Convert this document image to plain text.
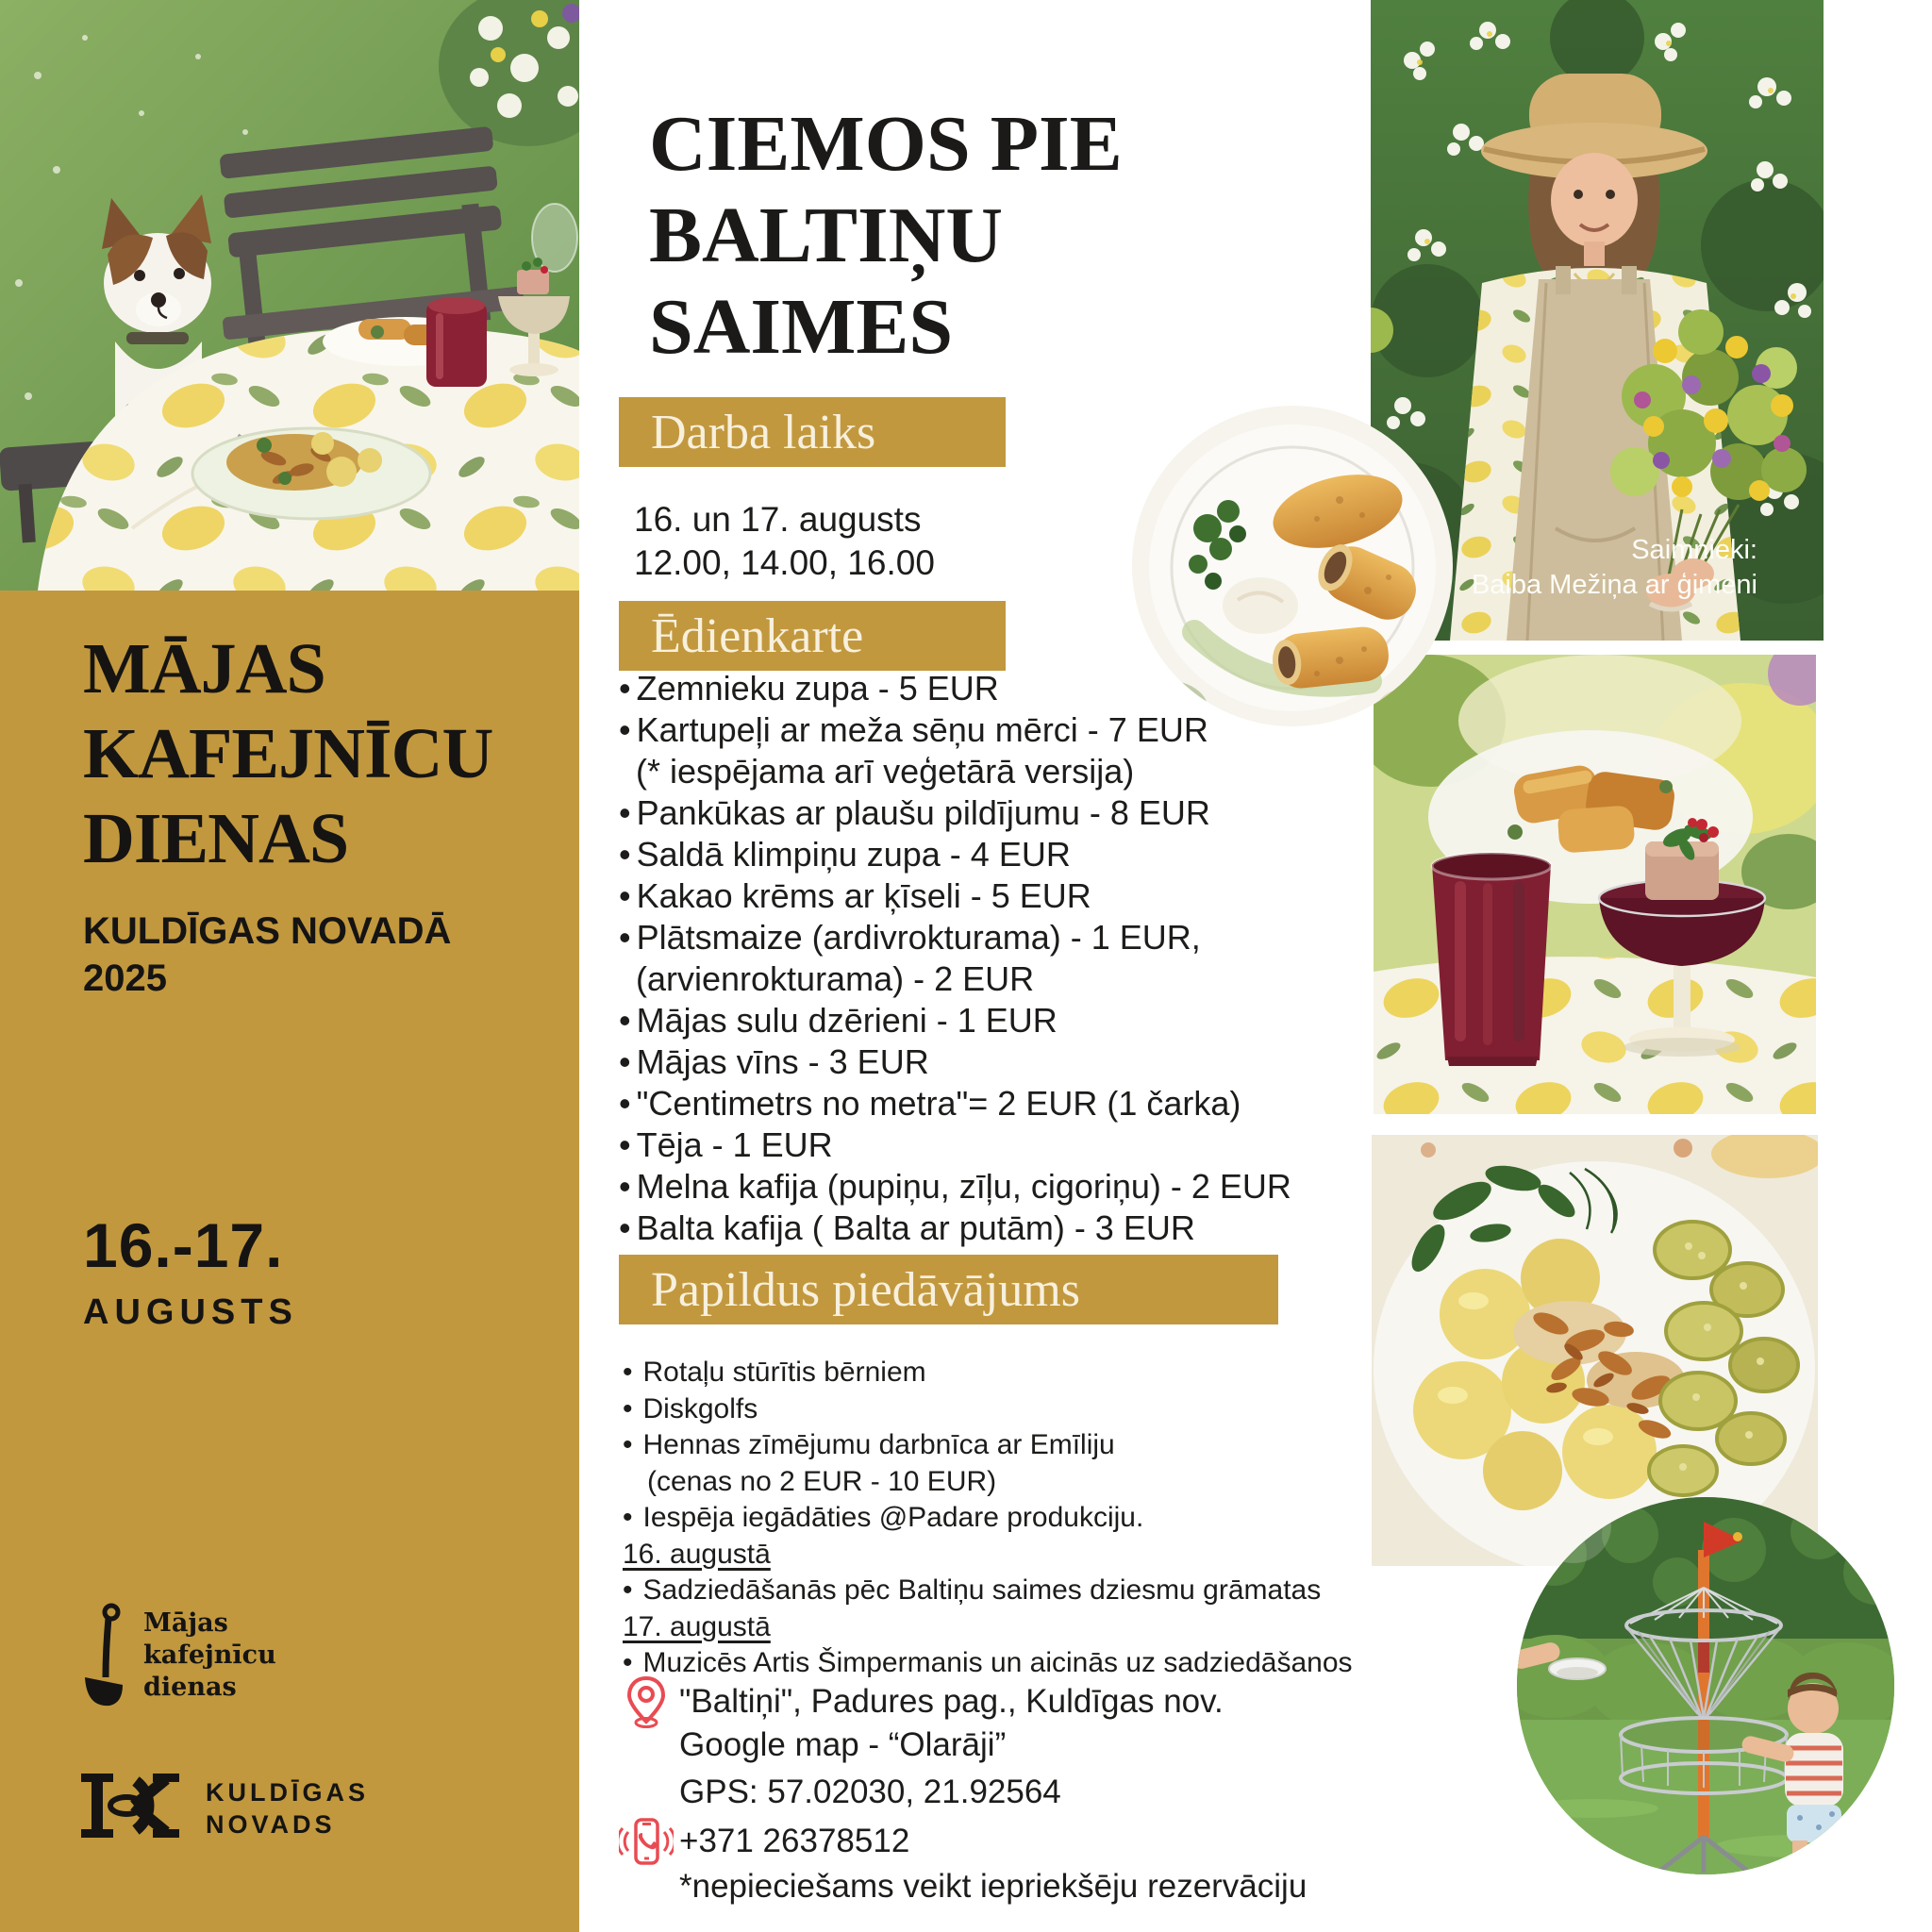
MĀJAS
KAFEJNĪCU
DIENAS
KULDĪGAS NOVADĀ
2025
16.-17.
AUGUSTS
Mājas
kafejnīcu
dienas
KULDĪGAS
NOVADS
CIEMOS PIE
BALTIŅU
SAIMES
Darba laiks
16. un 17. augusts
12.00, 14.00, 16.00
Ēdienkarte
• Zemnieku zupa - 5 EUR
• Kartupeļi ar meža sēņu mērci - 7 EUR
(* iespējama arī veģetārā versija)
• Pankūkas ar plaušu pildījumu - 8 EUR
• Saldā klimpiņu zupa - 4 EUR
• Kakao krēms ar ķīseli - 5 EUR
• Plātsmaize (ardivrokturama) - 1 EUR,
(arvienrokturama) - 2 EUR
• Mājas sulu dzērieni - 1 EUR
• Mājas vīns - 3 EUR
• "Centimetrs no metra"= 2 EUR (1 čarka)
• Tēja - 1 EUR
• Melna kafija (pupiņu, zīļu, cigoriņu) - 2 EUR
• Balta kafija ( Balta ar putām) - 3 EUR
Papildus piedāvājums
• Rotaļu stūrītis bērniem
• Diskgolfs
• Hennas zīmējumu darbnīca ar Emīliju
(cenas no 2 EUR - 10 EUR)
• Iespēja iegādāties @Padare produkciju.
16. augustā
• Sadziedāšanās pēc Baltiņu saimes dziesmu grāmatas
17. augustā
• Muzicēs Artis Šimpermanis un aicinās uz sadziedāšanos
"Baltiņi", Padures pag., Kuldīgas nov.
Google map - “Olarāji”
GPS: 57.02030, 21.92564
+371 26378512
*nepieciešams veikt iepriekšēju rezervāciju
Saimnieki:
Baiba Mežiņa ar ģimeni
